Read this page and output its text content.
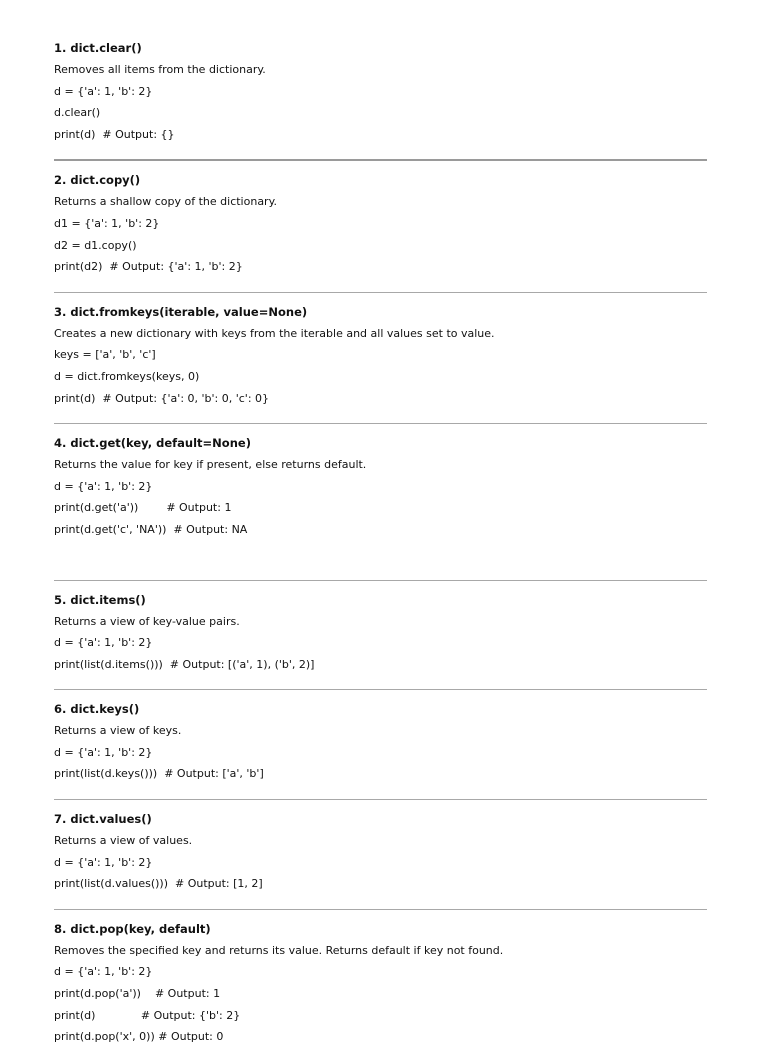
1. dict.clear()
Removes all items from the dictionary.
d = {'a': 1, 'b': 2}
d.clear()
print(d)  # Output: {}
2. dict.copy()
Returns a shallow copy of the dictionary.
d1 = {'a': 1, 'b': 2}
d2 = d1.copy()
print(d2)  # Output: {'a': 1, 'b': 2}
3. dict.fromkeys(iterable, value=None)
Creates a new dictionary with keys from the iterable and all values set to value.
keys = ['a', 'b', 'c']
d = dict.fromkeys(keys, 0)
print(d)  # Output: {'a': 0, 'b': 0, 'c': 0}
4. dict.get(key, default=None)
Returns the value for key if present, else returns default.
d = {'a': 1, 'b': 2}
print(d.get('a'))        # Output: 1
print(d.get('c', 'NA'))  # Output: NA
5. dict.items()
Returns a view of key-value pairs.
d = {'a': 1, 'b': 2}
print(list(d.items()))  # Output: [('a', 1), ('b', 2)]
6. dict.keys()
Returns a view of keys.
d = {'a': 1, 'b': 2}
print(list(d.keys()))  # Output: ['a', 'b']
7. dict.values()
Returns a view of values.
d = {'a': 1, 'b': 2}
print(list(d.values()))  # Output: [1, 2]
8. dict.pop(key, default)
Removes the specified key and returns its value. Returns default if key not found.
d = {'a': 1, 'b': 2}
print(d.pop('a'))    # Output: 1
print(d)             # Output: {'b': 2}
print(d.pop('x', 0)) # Output: 0
